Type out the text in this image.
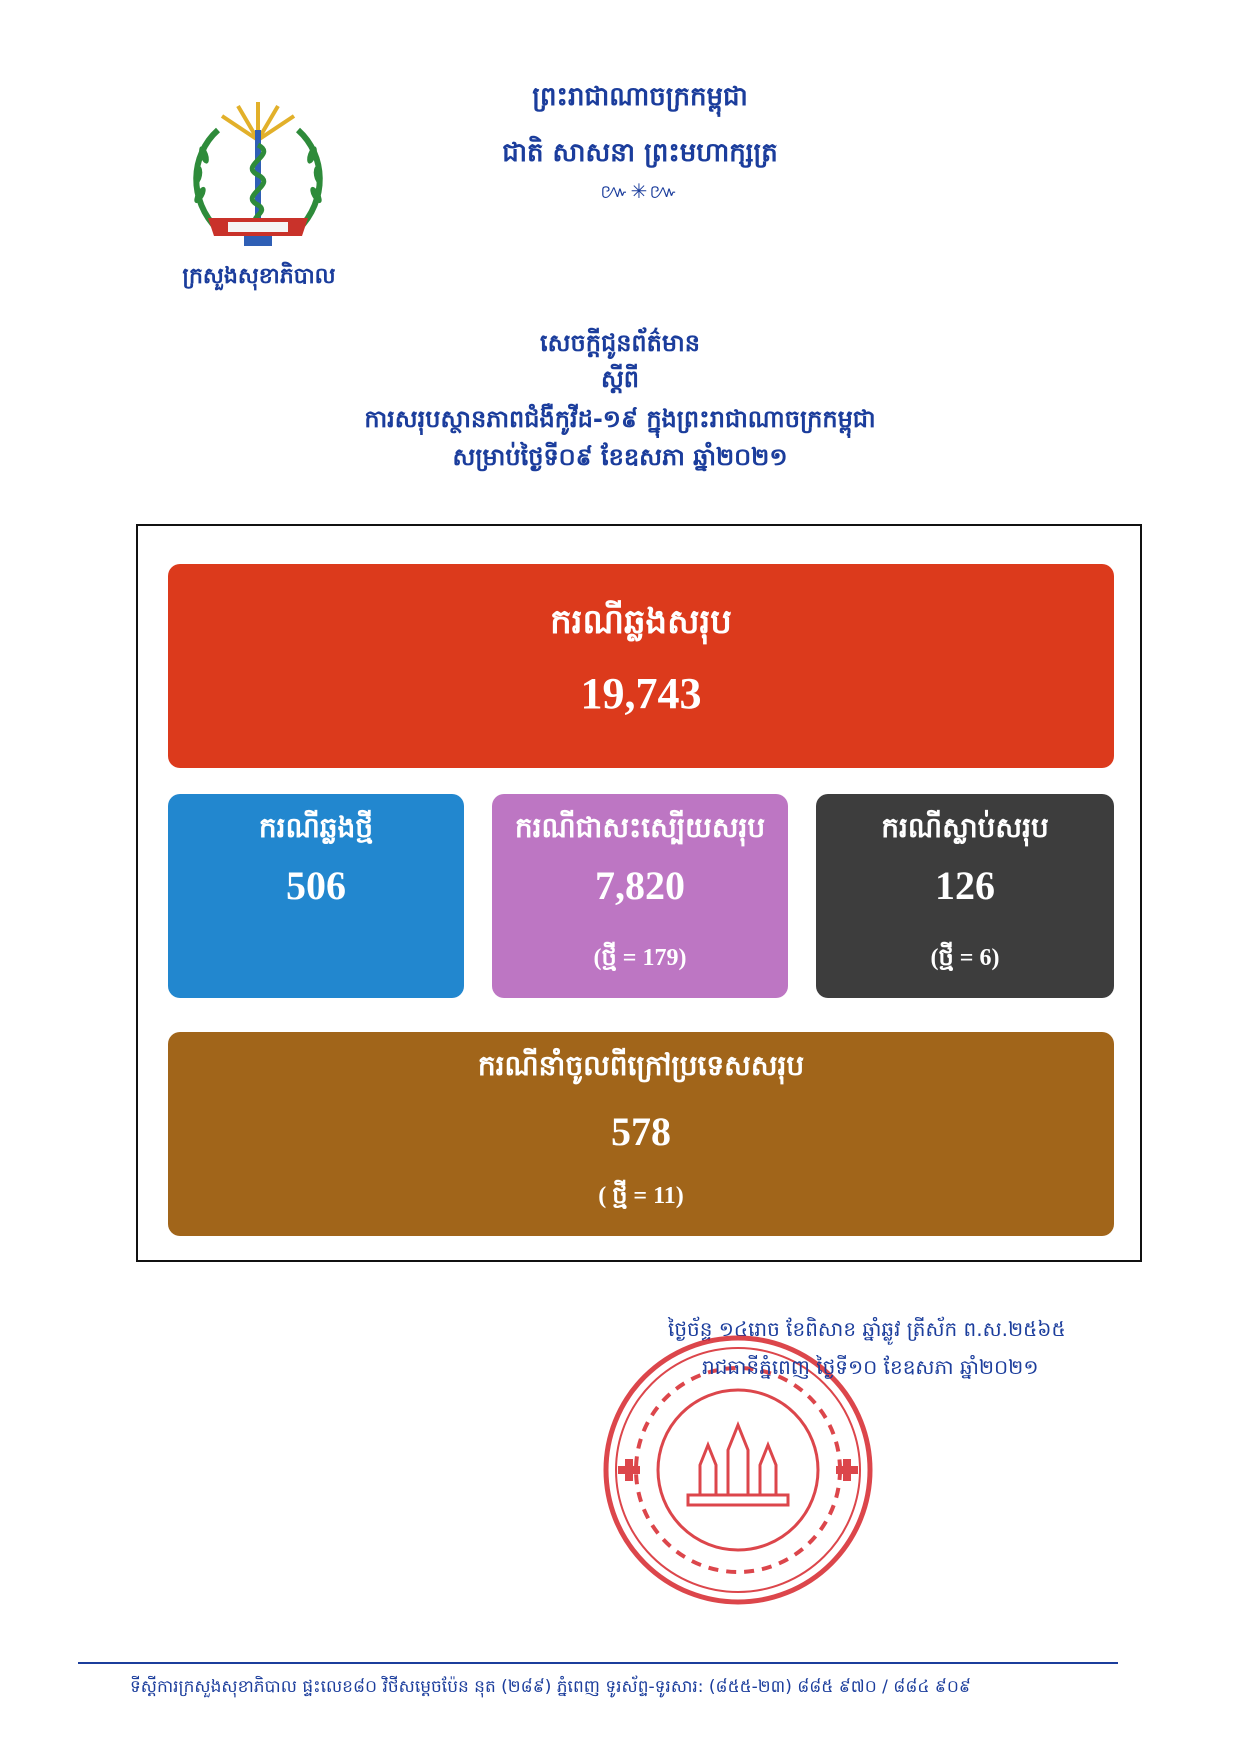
ក្រសួងសុខាភិបាល
ព្រះរាជាណាចក្រកម្ពុជា
ជាតិ សាសនា ព្រះមហាក្សត្រ
៚✳៚
សេចក្តីជូនព័ត៌មាន
ស្តីពី
ការសរុបស្ថានភាពជំងឺកូវីដ-១៩ ក្នុងព្រះរាជាណាចក្រកម្ពុជា
សម្រាប់ថ្ងៃទី០៩ ខែឧសភា ឆ្នាំ២០២១
ករណីឆ្លងសរុប
19,743
ករណីឆ្លងថ្មី
506
ករណីជាសះស្បើយសរុប
7,820
(ថ្មី = 179)
ករណីស្លាប់សរុប
126
(ថ្មី = 6)
ករណីនាំចូលពីក្រៅប្រទេសសរុប
578
( ថ្មី = 11)
ថ្ងៃច័ន្ទ ១៤រោច ខែពិសាខ ឆ្នាំឆ្លូវ ត្រីស័ក ព.ស.២៥៦៥
រាជធានីភ្នំពេញ ថ្ងៃទី១០ ខែឧសភា ឆ្នាំ២០២១
ទីស្តីការក្រសួងសុខាភិបាល ផ្ទះលេខ៨០ វិថីសម្តេចប៉ែន នុត (២៨៩) ភ្នំពេញ ទូរស័ព្ទ-ទូរសារ: (៨៥៥-២៣) ៨៨៥ ៩៧០ / ៨៨៤ ៩០៩
